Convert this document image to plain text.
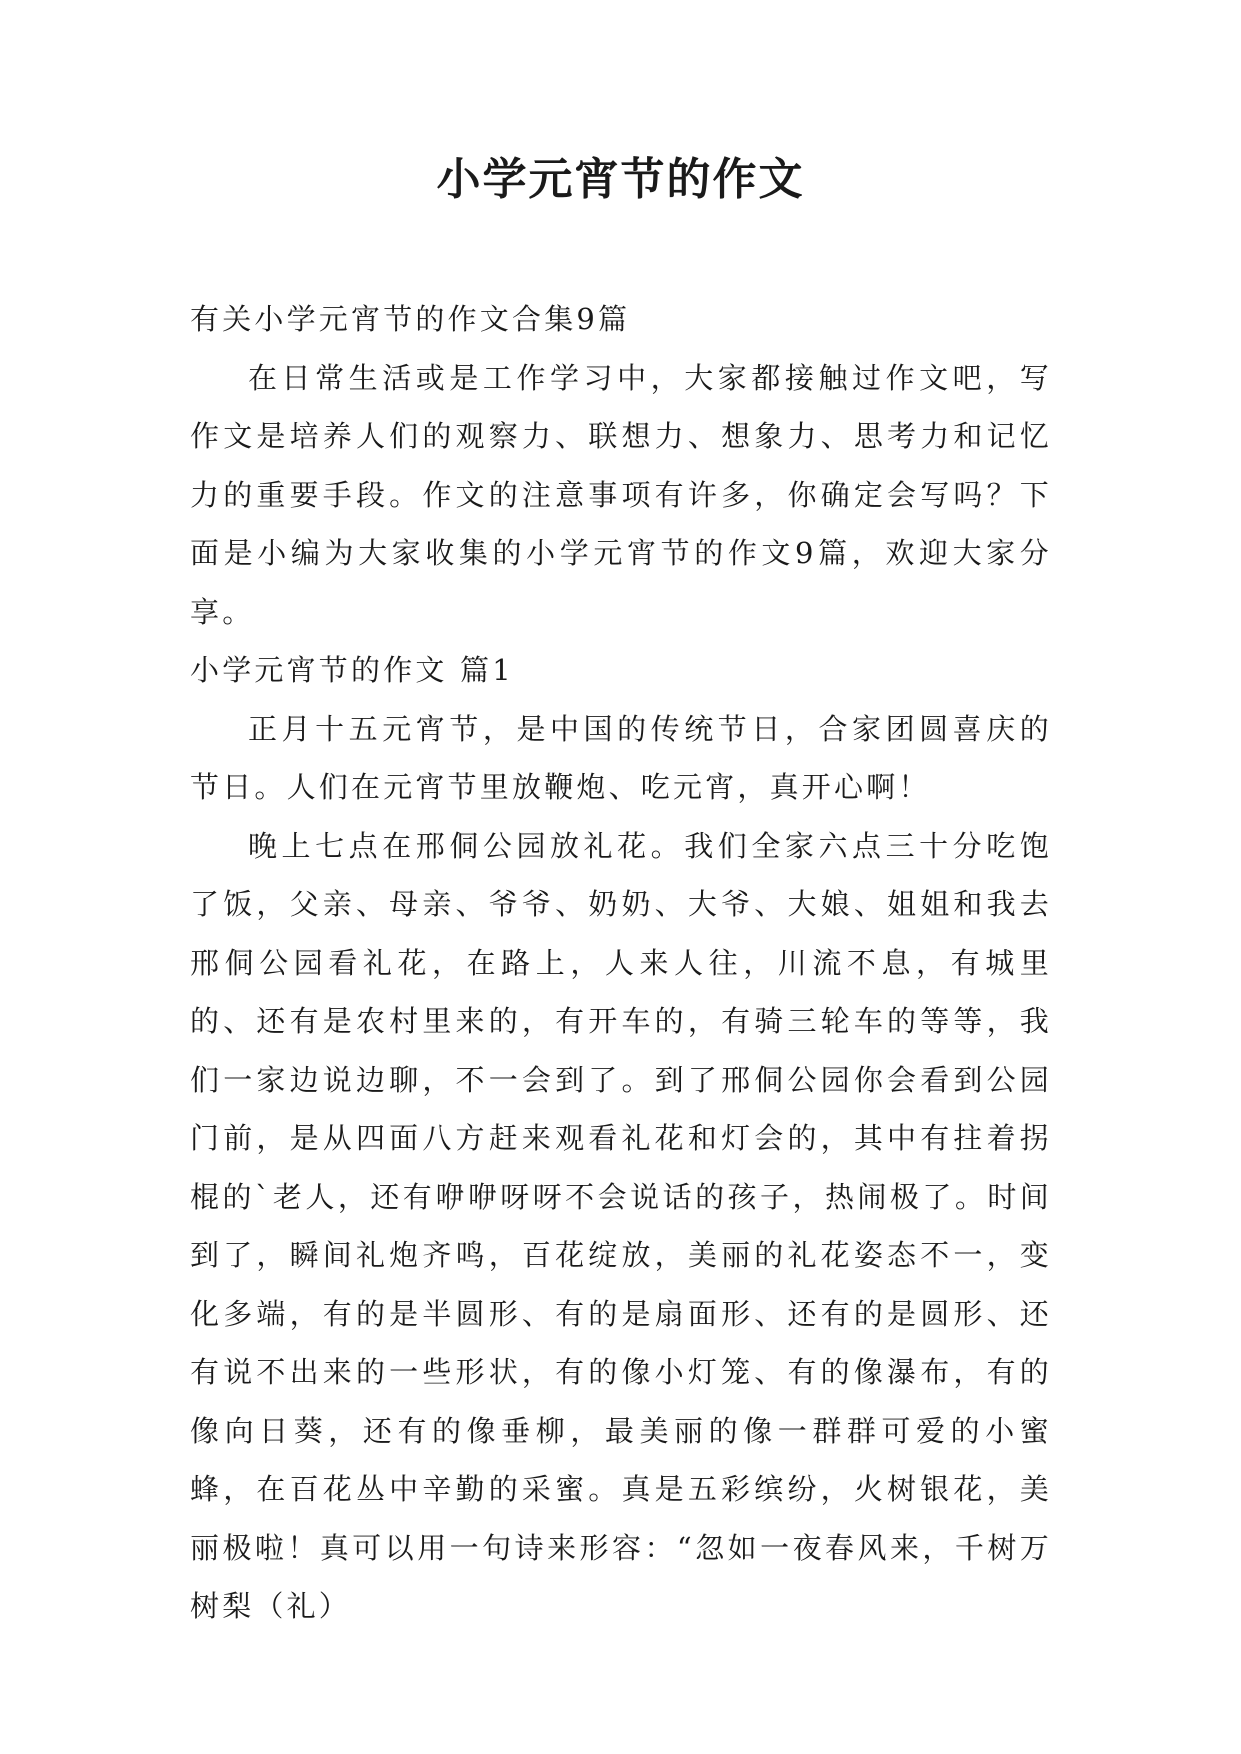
小学元宵节的作文

有关小学元宵节的作文合集9篇

在日常生活或是工作学习中，大家都接触过作文吧，写作文是培养人们的观察力、联想力、想象力、思考力和记忆力的重要手段。作文的注意事项有许多，你确定会写吗？下面是小编为大家收集的小学元宵节的作文9篇，欢迎大家分享。

小学元宵节的作文 篇1

正月十五元宵节，是中国的传统节日，合家团圆喜庆的节日。人们在元宵节里放鞭炮、吃元宵，真开心啊！

晚上七点在邢侗公园放礼花。我们全家六点三十分吃饱了饭，父亲、母亲、爷爷、奶奶、大爷、大娘、姐姐和我去邢侗公园看礼花，在路上，人来人往，川流不息，有城里的、还有是农村里来的，有开车的，有骑三轮车的等等，我们一家边说边聊，不一会到了。到了邢侗公园你会看到公园门前，是从四面八方赶来观看礼花和灯会的，其中有拄着拐棍的`老人，还有咿咿呀呀不会说话的孩子，热闹极了。时间到了，瞬间礼炮齐鸣，百花绽放，美丽的礼花姿态不一，变化多端，有的是半圆形、有的是扇面形、还有的是圆形、还有说不出来的一些形状，有的像小灯笼、有的像瀑布，有的像向日葵，还有的像垂柳，最美丽的像一群群可爱的小蜜蜂，在百花丛中辛勤的采蜜。真是五彩缤纷，火树银花，美丽极啦！真可以用一句诗来形容：“忽如一夜春风来，千树万树梨（礼）
